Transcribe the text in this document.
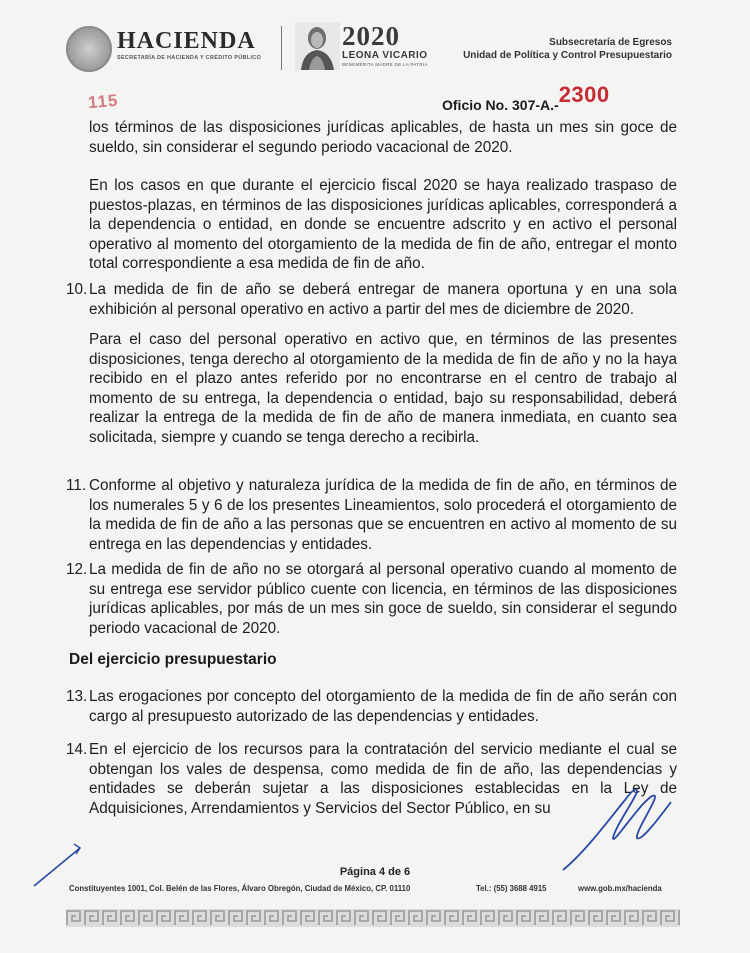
HACIENDA
SECRETARÍA DE HACIENDA Y CRÉDITO PÚBLICO
2020
LEONA VICARIO
BENEMÉRITA MADRE DE LA PATRIA
Subsecretaría de Egresos
Unidad de Política y Control Presupuestario
115	Oficio No. 307-A.-2300
los términos de las disposiciones jurídicas aplicables, de hasta un mes sin goce de sueldo, sin considerar el segundo periodo vacacional de 2020.
En los casos en que durante el ejercicio fiscal 2020 se haya realizado traspaso de puestos-plazas, en términos de las disposiciones jurídicas aplicables, corresponderá a la dependencia o entidad, en donde se encuentre adscrito y en activo el personal operativo al momento del otorgamiento de la medida de fin de año, entregar el monto total correspondiente a esa medida de fin de año.
10. La medida de fin de año se deberá entregar de manera oportuna y en una sola exhibición al personal operativo en activo a partir del mes de diciembre de 2020.
Para el caso del personal operativo en activo que, en términos de las presentes disposiciones, tenga derecho al otorgamiento de la medida de fin de año y no la haya recibido en el plazo antes referido por no encontrarse en el centro de trabajo al momento de su entrega, la dependencia o entidad, bajo su responsabilidad, deberá realizar la entrega de la medida de fin de año de manera inmediata, en cuanto sea solicitada, siempre y cuando se tenga derecho a recibirla.
11. Conforme al objetivo y naturaleza jurídica de la medida de fin de año, en términos de los numerales 5 y 6 de los presentes Lineamientos, solo procederá el otorgamiento de la medida de fin de año a las personas que se encuentren en activo al momento de su entrega en las dependencias y entidades.
12. La medida de fin de año no se otorgará al personal operativo cuando al momento de su entrega ese servidor público cuente con licencia, en términos de las disposiciones jurídicas aplicables, por más de un mes sin goce de sueldo, sin considerar el segundo periodo vacacional de 2020.
Del ejercicio presupuestario
13. Las erogaciones por concepto del otorgamiento de la medida de fin de año serán con cargo al presupuesto autorizado de las dependencias y entidades.
14. En el ejercicio de los recursos para la contratación del servicio mediante el cual se obtengan los vales de despensa, como medida de fin de año, las dependencias y entidades se deberán sujetar a las disposiciones establecidas en la Ley de Adquisiciones, Arrendamientos y Servicios del Sector Público, en su
Página 4 de 6
Constituyentes 1001, Col. Belén de las Flores, Álvaro Obregón, Ciudad de México, CP. 01110	Tel.: (55) 3688 4915	www.gob.mx/hacienda
